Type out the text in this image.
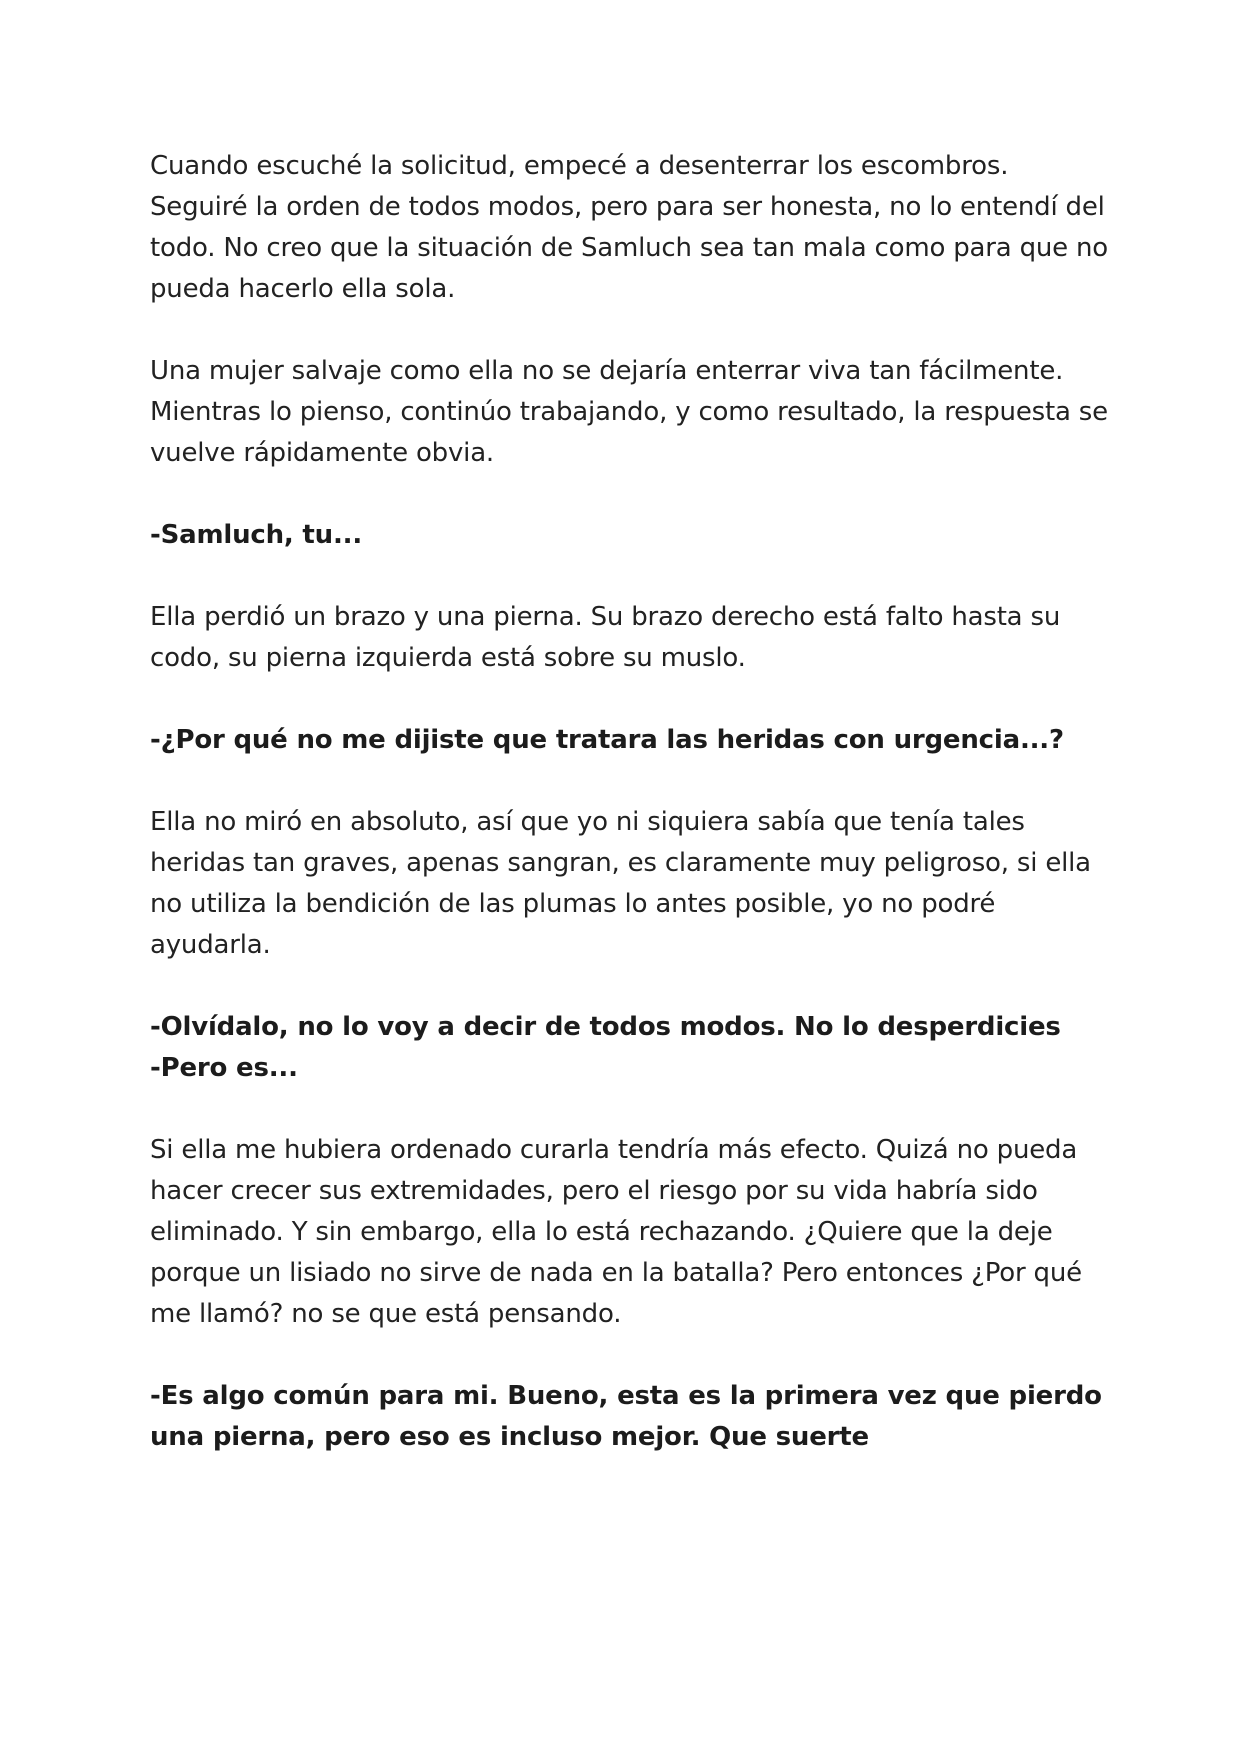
Cuando escuché la solicitud, empecé a desenterrar los escombros. Seguiré la orden de todos modos, pero para ser honesta, no lo entendí del todo. No creo que la situación de Samluch sea tan mala como para que no pueda hacerlo ella sola.

Una mujer salvaje como ella no se dejaría enterrar viva tan fácilmente. Mientras lo pienso, continúo trabajando, y como resultado, la respuesta se vuelve rápidamente obvia.

-Samluch, tu...

Ella perdió un brazo y una pierna. Su brazo derecho está falto hasta su codo, su pierna izquierda está sobre su muslo.

-¿Por qué no me dijiste que tratara las heridas con urgencia...?

Ella no miró en absoluto, así que yo ni siquiera sabía que tenía tales heridas tan graves, apenas sangran, es claramente muy peligroso, si ella no utiliza la bendición de las plumas lo antes posible, yo no podré ayudarla.

-Olvídalo, no lo voy a decir de todos modos. No lo desperdicies

-Pero es...

Si ella me hubiera ordenado curarla tendría más efecto. Quizá no pueda hacer crecer sus extremidades, pero el riesgo por su vida habría sido eliminado. Y sin embargo, ella lo está rechazando. ¿Quiere que la deje porque un lisiado no sirve de nada en la batalla? Pero entonces ¿Por qué me llamó? no se que está pensando.

-Es algo común para mi. Bueno, esta es la primera vez que pierdo una pierna, pero eso es incluso mejor. Que suerte
